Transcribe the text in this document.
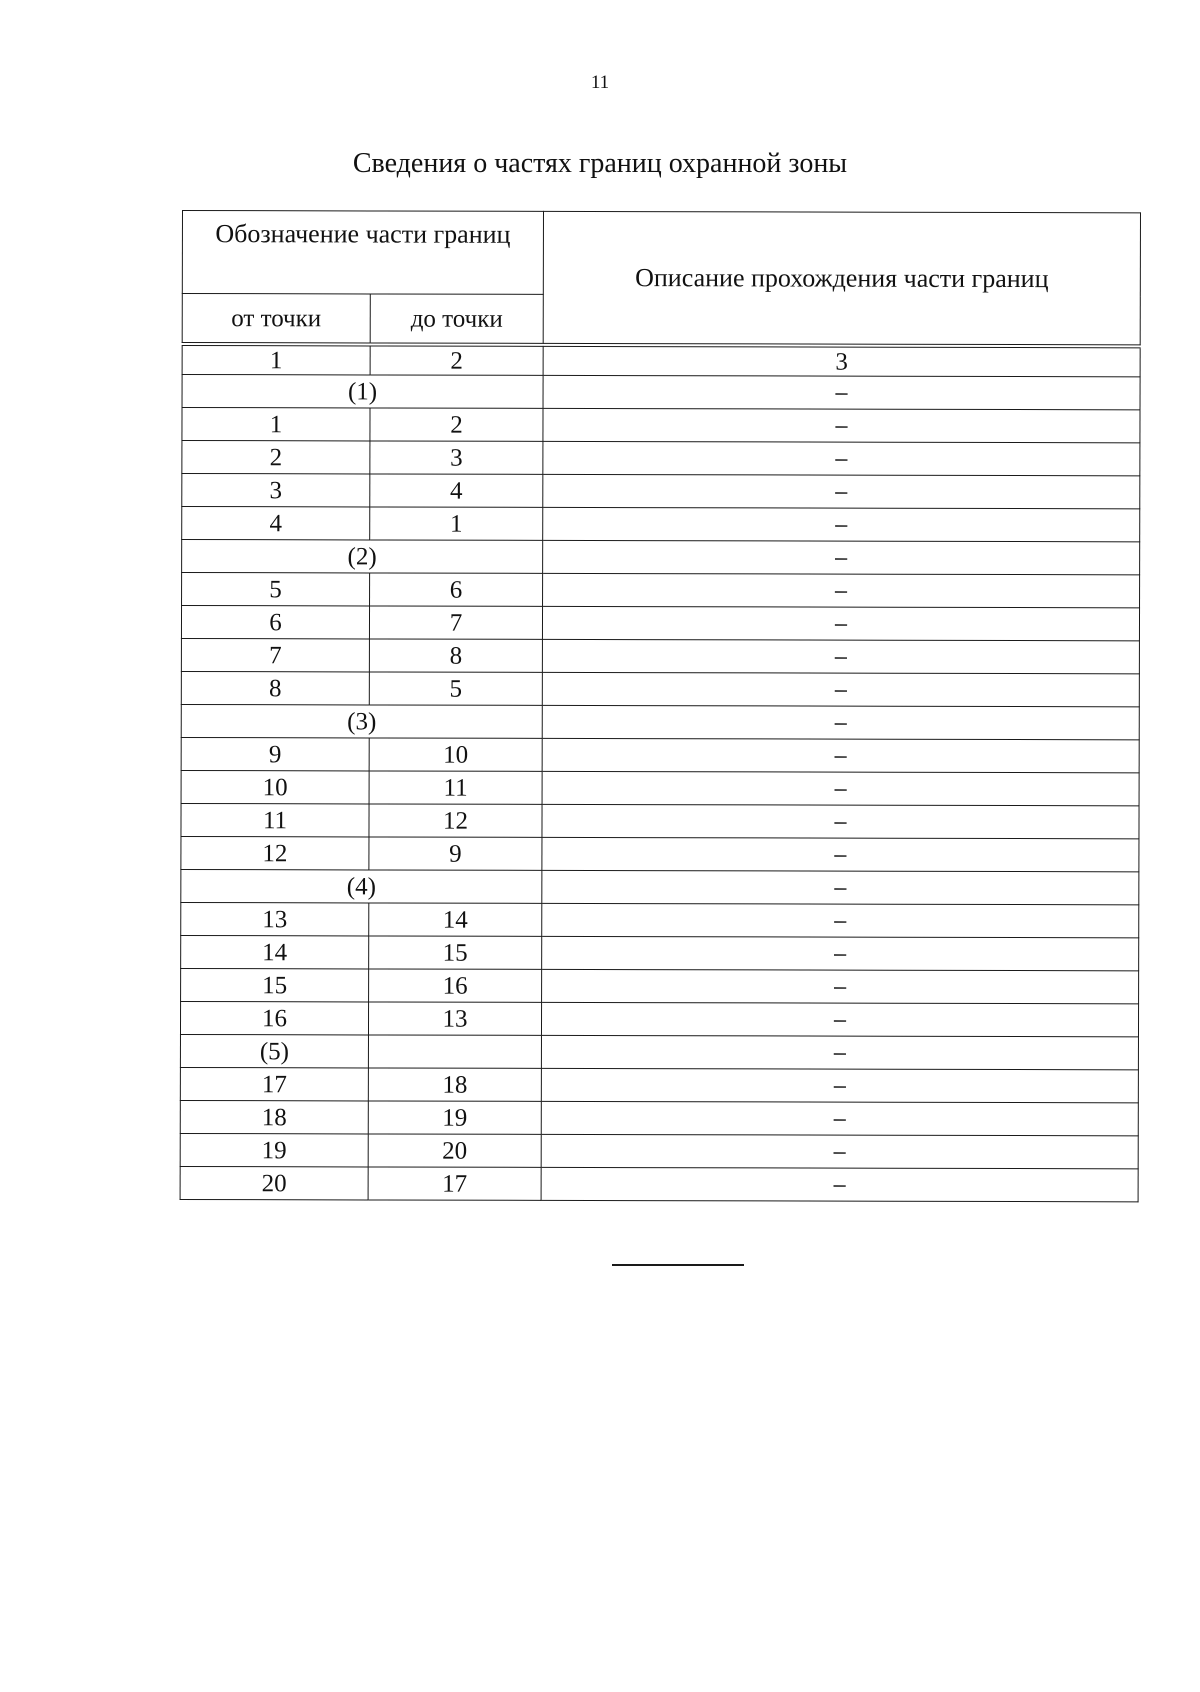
11
Сведения о частях границ охранной зоны
Обозначение части границ		Описание прохождения части границ
от точки	до точки	

1	2	3
(1)		–
1	2	–
2	3	–
3	4	–
4	1	–
(2)		–
5	6	–
6	7	–
7	8	–
8	5	–
(3)		–
9	10	–
10	11	–
11	12	–
12	9	–
(4)		–
13	14	–
14	15	–
15	16	–
16	13	–
(5)		–
17	18	–
18	19	–
19	20	–
20	17	–
